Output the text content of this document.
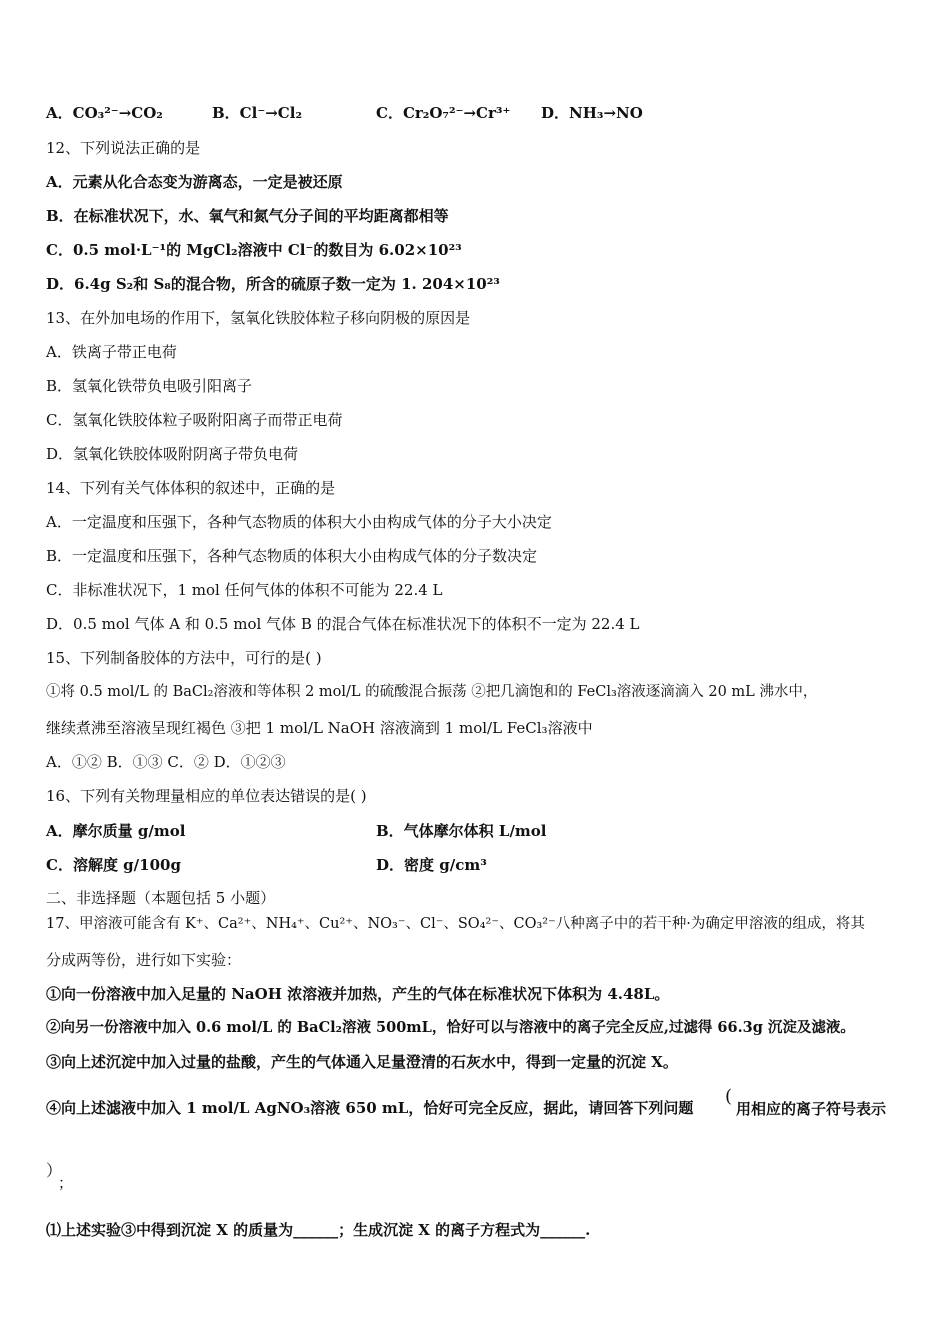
A．CO₃²⁻→CO₂	B．Cl⁻→Cl₂	C．Cr₂O₇²⁻→Cr³⁺ D．NH₃→NO
12、下列说法正确的是
A．元素从化合态变为游离态，一定是被还原
B．在标准状况下，水、氧气和氮气分子间的平均距离都相等
C．0.5 mol·L⁻¹的 MgCl₂溶液中 Cl⁻的数目为 6.02×10²³
D．6.4g S₂和 S₈的混合物，所含的硫原子数一定为 1. 204×10²³
13、在外加电场的作用下，氢氧化铁胶体粒子移向阴极的原因是
A．铁离子带正电荷
B．氢氧化铁带负电吸引阳离子
C．氢氧化铁胶体粒子吸附阳离子而带正电荷
D．氢氧化铁胶体吸附阴离子带负电荷
14、下列有关气体体积的叙述中，正确的是
A．一定温度和压强下，各种气态物质的体积大小由构成气体的分子大小决定
B．一定温度和压强下，各种气态物质的体积大小由构成气体的分子数决定
C．非标准状况下，1 mol 任何气体的体积不可能为 22.4 L
D．0.5 mol 气体 A 和 0.5 mol 气体 B 的混合气体在标准状况下的体积不一定为 22.4 L
15、下列制备胶体的方法中，可行的是( )
①将 0.5 mol/L 的 BaCl₂溶液和等体积 2 mol/L 的硫酸混合振荡 ②把几滴饱和的 FeCl₃溶液逐滴滴入 20 mL 沸水中，
继续煮沸至溶液呈现红褐色 ③把 1 mol/L NaOH 溶液滴到 1 mol/L FeCl₃溶液中
A．①② B．①③ C．② D．①②③
16、下列有关物理量相应的单位表达错误的是( )
A．摩尔质量 g/mol	B．气体摩尔体积 L/mol
C．溶解度 g/100g	D．密度 g/cm³
二、非选择题（本题包括 5 小题）
17、甲溶液可能含有 K⁺、Ca²⁺、NH₄⁺、Cu²⁺、NO₃⁻、Cl⁻、SO₄²⁻、CO₃²⁻八种离子中的若干种·为确定甲溶液的组成，将其
分成两等份，进行如下实验：
①向一份溶液中加入足量的 NaOH 浓溶液并加热，产生的气体在标准状况下体积为 4.48L。
②向另一份溶液中加入 0.6 mol/L 的 BaCl₂溶液 500mL，恰好可以与溶液中的离子完全反应,过滤得 66.3g 沉淀及滤液。
③向上述沉淀中加入过量的盐酸，产生的气体通入足量澄清的石灰水中，得到一定量的沉淀 X。
④向上述滤液中加入 1 mol/L AgNO₃溶液 650 mL，恰好可完全反应，据此，请回答下列问题
(
用相应的离子符号表示
）
；
⑴上述实验③中得到沉淀 X 的质量为______；生成沉淀 X 的离子方程式为______.
